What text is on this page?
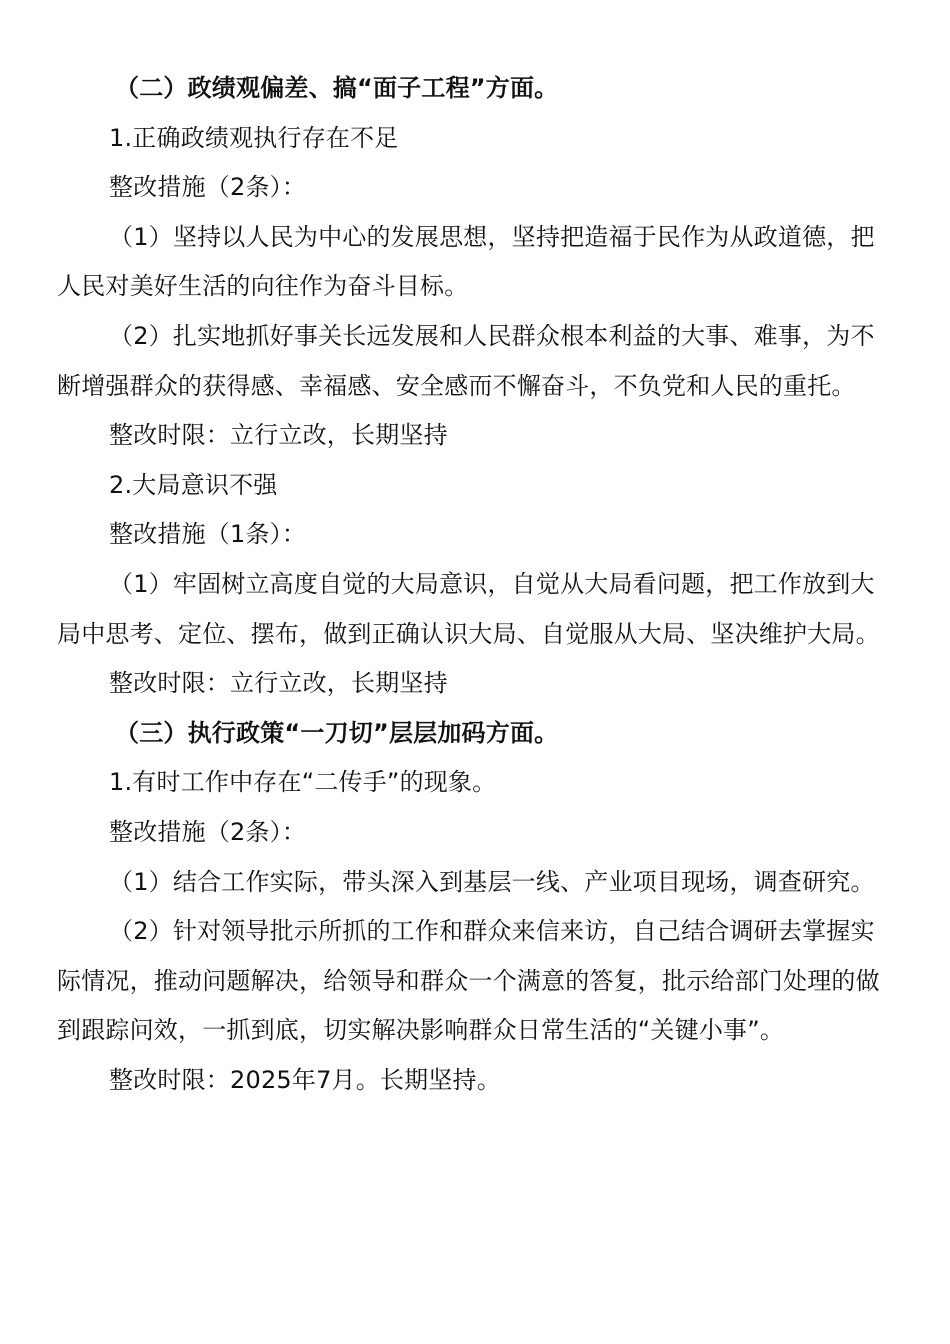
（二）政绩观偏差、搞“面子工程”方面。

1.正确政绩观执行存在不足

整改措施（2条）：

（1）坚持以人民为中心的发展思想，坚持把造福于民作为从政道德，把人民对美好生活的向往作为奋斗目标。

（2）扎实地抓好事关长远发展和人民群众根本利益的大事、难事，为不断增强群众的获得感、幸福感、安全感而不懈奋斗，不负党和人民的重托。

整改时限：立行立改，长期坚持

2.大局意识不强

整改措施（1条）：

（1）牢固树立高度自觉的大局意识，自觉从大局看问题，把工作放到大局中思考、定位、摆布，做到正确认识大局、自觉服从大局、坚决维护大局。

整改时限：立行立改，长期坚持

（三）执行政策“一刀切”层层加码方面。

1.有时工作中存在“二传手”的现象。

整改措施（2条）：

（1）结合工作实际，带头深入到基层一线、产业项目现场，调查研究。

（2）针对领导批示所抓的工作和群众来信来访，自己结合调研去掌握实际情况，推动问题解决，给领导和群众一个满意的答复，批示给部门处理的做到跟踪问效，一抓到底，切实解决影响群众日常生活的“关键小事”。

整改时限：2025年7月。长期坚持。
